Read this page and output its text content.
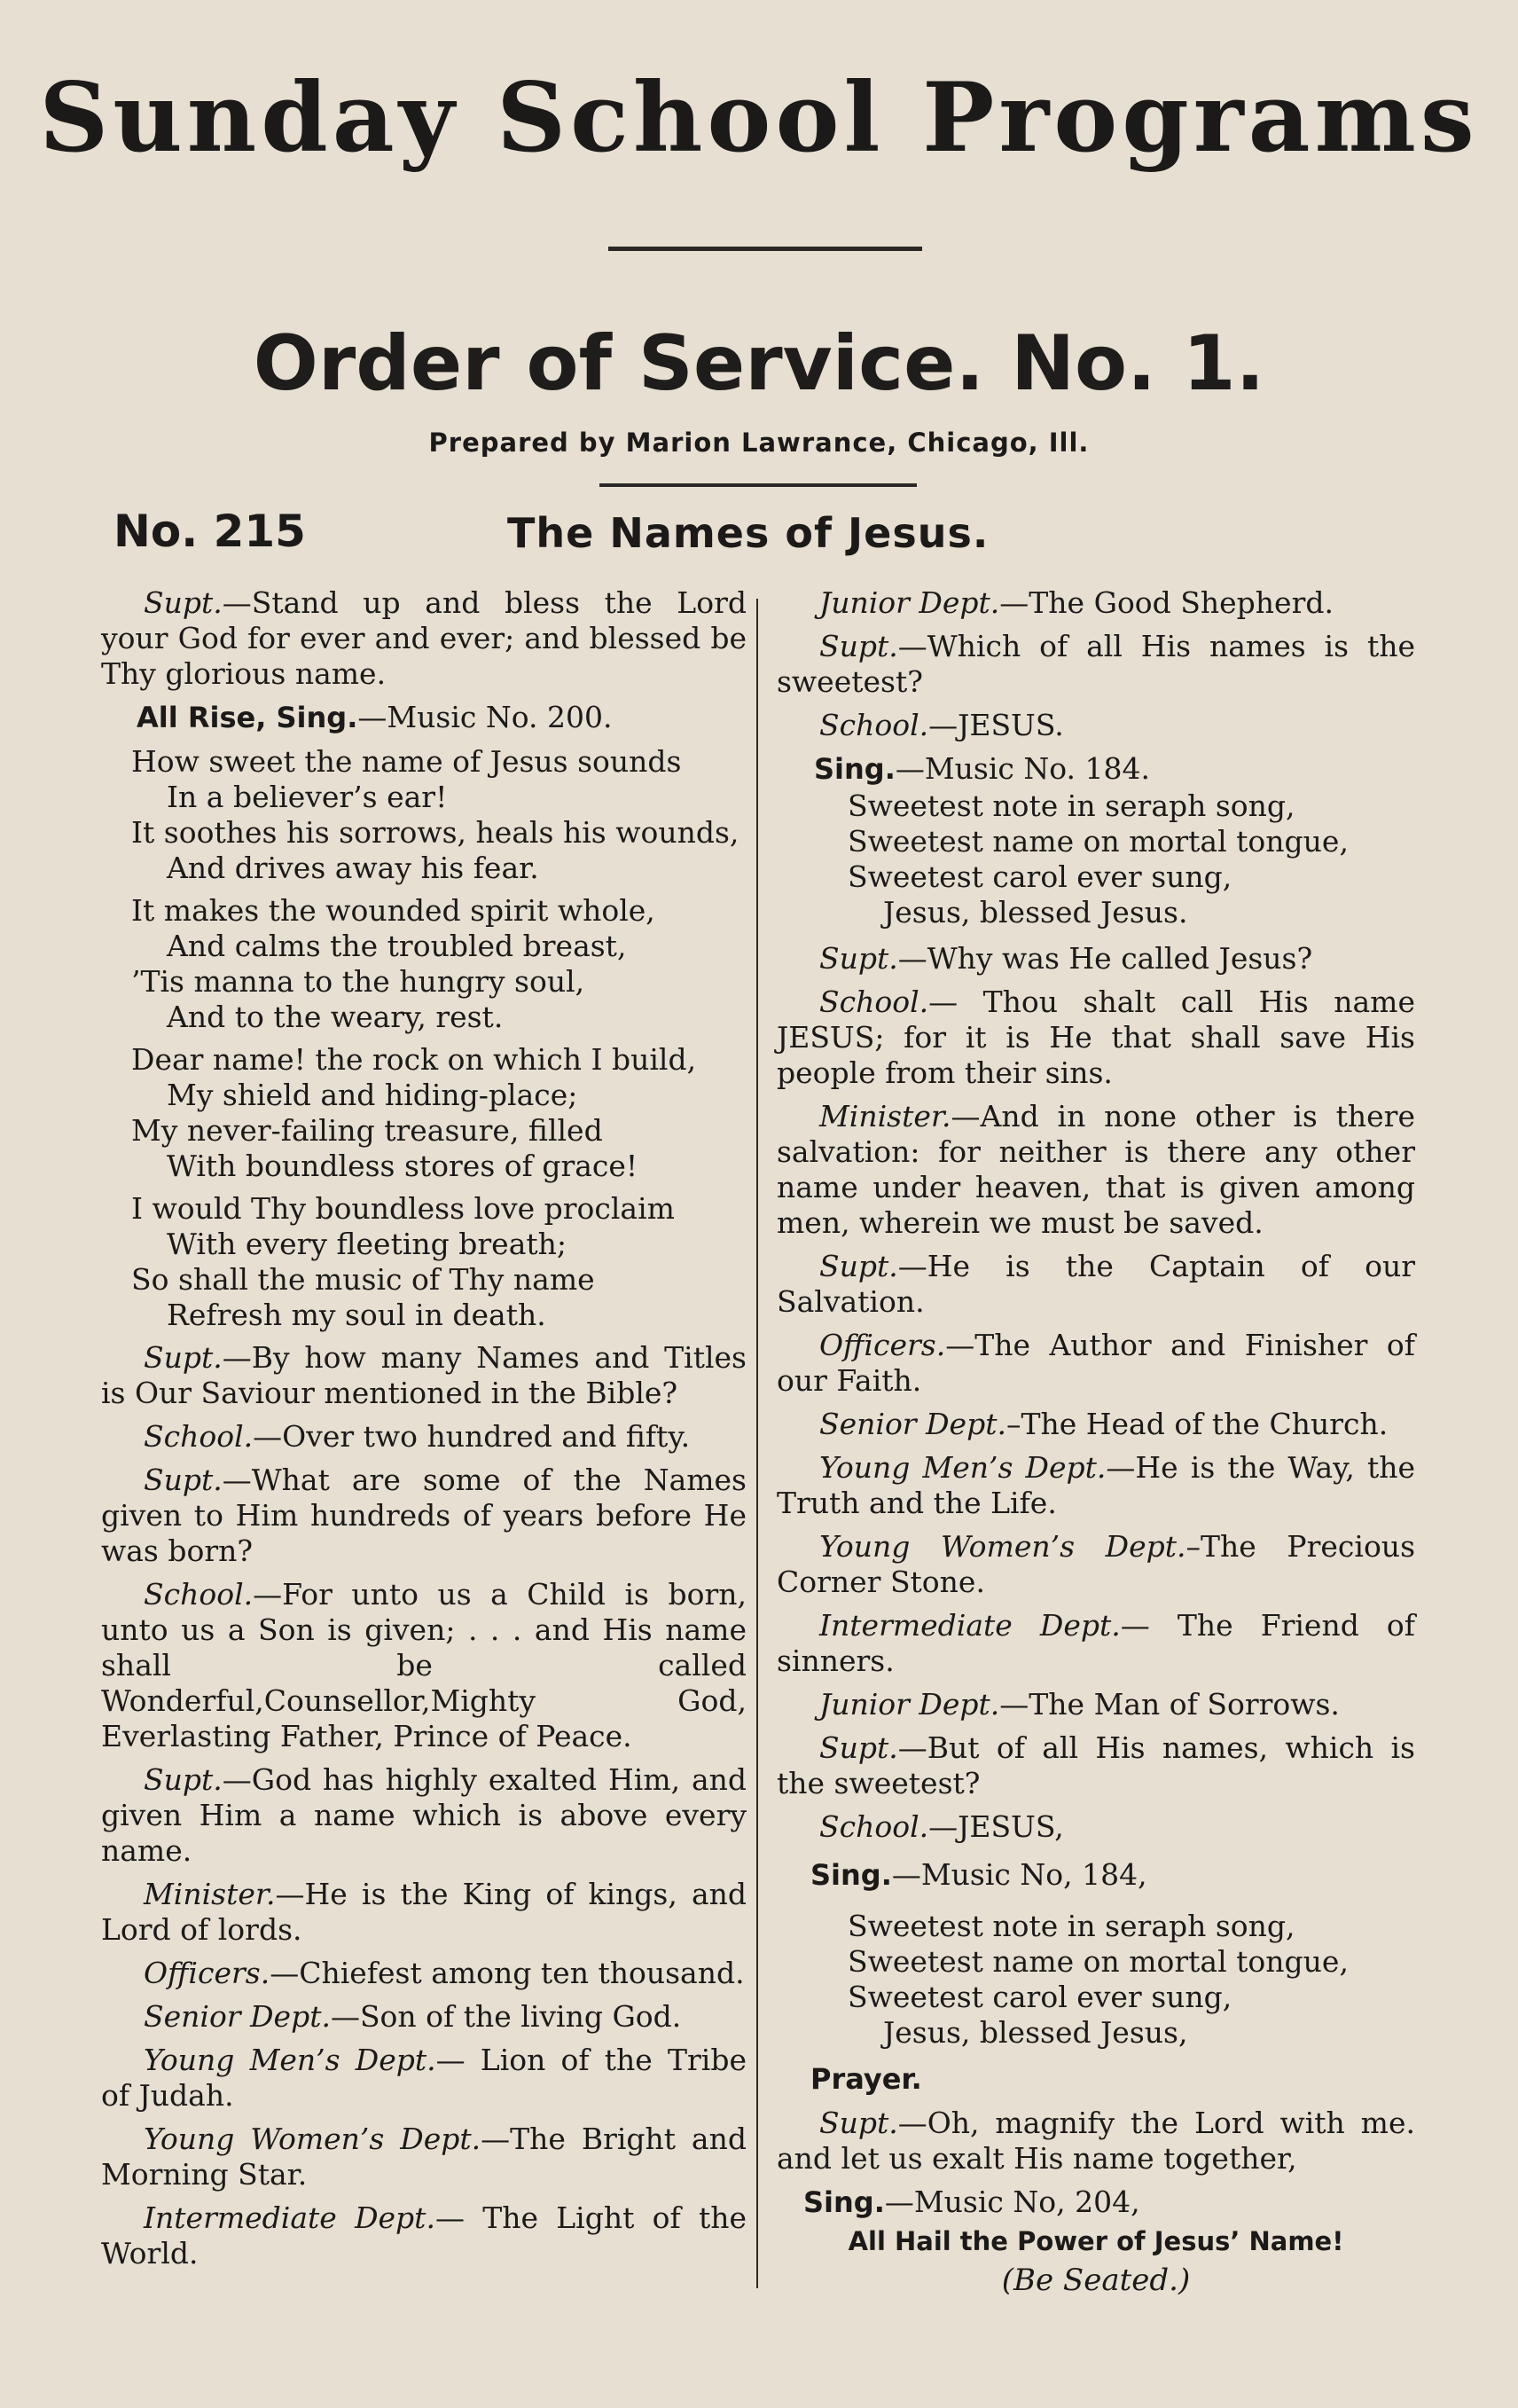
Sunday School Programs
Order of Service. No. 1.
Prepared by Marion Lawrance, Chicago, Ill.
No. 215	The Names of Jesus.

Supt.—Stand up and bless the Lord your God for ever and ever; and blessed be Thy glorious name.

All Rise, Sing.—Music No. 200.
How sweet the name of Jesus sounds
In a believer’s ear!
It soothes his sorrows, heals his wounds,
And drives away his fear.
It makes the wounded spirit whole,
And calms the troubled breast,
’Tis manna to the hungry soul,
And to the weary, rest.
Dear name! the rock on which I build,
My shield and hiding-place;
My never-failing treasure, filled
With boundless stores of grace!
I would Thy boundless love proclaim
With every fleeting breath;
So shall the music of Thy name
Refresh my soul in death.

Supt.—By how many Names and Titles is Our Saviour mentioned in the Bible?

School.—Over two hundred and fifty.

Supt.—What are some of the Names given to Him hundreds of years before He was born?

School.—For unto us a Child is born, unto us a Son is given; . . . and His name shall be called Wonderful,Counsellor,Mighty God, Everlasting Father, Prince of Peace.

Supt.—God has highly exalted Him, and given Him a name which is above every name.

Minister.—He is the King of kings, and Lord of lords.

Officers.—Chiefest among ten thousand.

Senior Dept.—Son of the living God.

Young Men’s Dept.— Lion of the Tribe of Judah.

Young Women’s Dept.—The Bright and Morning Star.

Intermediate Dept.— The Light of the World.

Junior Dept.—The Good Shepherd.

Supt.—Which of all His names is the sweetest?

School.—JESUS.

Sing.—Music No. 184.
Sweetest note in seraph song,
Sweetest name on mortal tongue,
Sweetest carol ever sung,
Jesus, blessed Jesus.

Supt.—Why was He called Jesus?

School.— Thou shalt call His name JESUS; for it is He that shall save His people from their sins.

Minister.—And in none other is there salvation: for neither is there any other name under heaven, that is given among men, wherein we must be saved.

Supt.—He is the Captain of our Salvation.

Officers.—The Author and Finisher of our Faith.

Senior Dept.–The Head of the Church.

Young Men’s Dept.—He is the Way, the Truth and the Life.

Young Women’s Dept.–The Precious Corner Stone.

Intermediate Dept.— The Friend of sinners.

Junior Dept.—The Man of Sorrows.

Supt.—But of all His names, which is the sweetest?

School.—JESUS,

Sing.—Music No, 184,
Sweetest note in seraph song,
Sweetest name on mortal tongue,
Sweetest carol ever sung,
Jesus, blessed Jesus,
Prayer.

Supt.—Oh, magnify the Lord with me. and let us exalt His name together,

Sing.—Music No, 204,
All Hail the Power of Jesus’ Name!
(Be Seated.)
